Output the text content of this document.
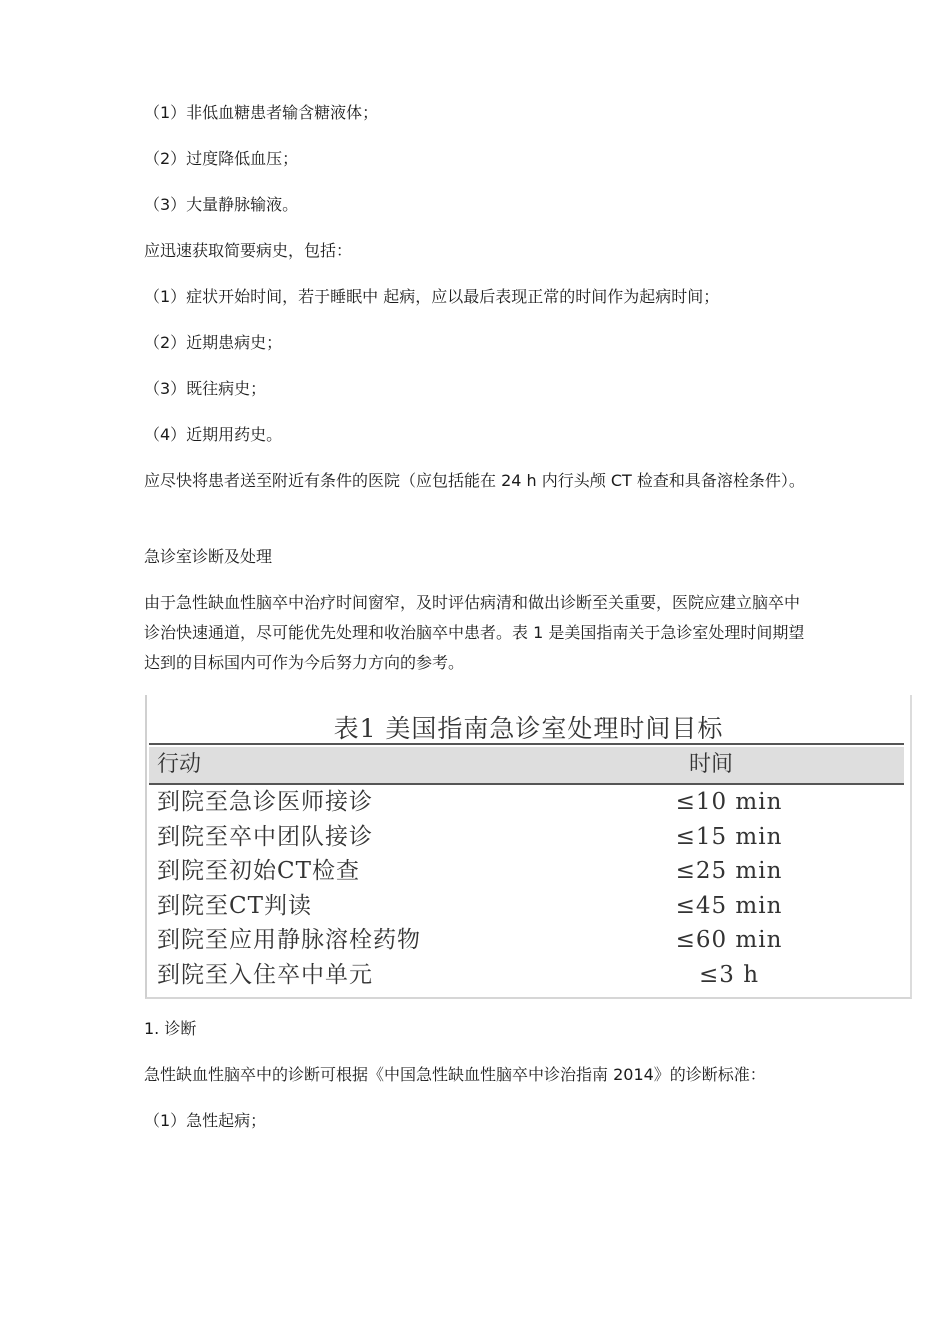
（1）非低血糖患者输含糖液体；

（2）过度降低血压；

（3）大量静脉输液。

应迅速获取简要病史，包括：

（1）症状开始时间，若于睡眠中 起病，应以最后表现正常的时间作为起病时间；

（2）近期患病史；

（3）既往病史；

（4）近期用药史。

应尽快将患者送至附近有条件的医院（应包括能在 24 h 内行头颅 CT 检查和具备溶栓条件）。

急诊室诊断及处理

由于急性缺血性脑卒中治疗时间窗窄，及时评估病清和做出诊断至关重要，医院应建立脑卒中诊治快速通道，尽可能优先处理和收治脑卒中患者。表 1 是美国指南关于急诊室处理时间期望达到的目标国内可作为今后努力方向的参考。

表1 美国指南急诊室处理时间目标
行动	时间
到院至急诊医师接诊	≤10 min
到院至卒中团队接诊	≤15 min
到院至初始CT检查	≤25 min
到院至CT判读	≤45 min
到院至应用静脉溶栓药物	≤60 min
到院至入住卒中单元	≤3 h

1. 诊断

急性缺血性脑卒中的诊断可根据《中国急性缺血性脑卒中诊治指南 2014》的诊断标准：

（1）急性起病；
